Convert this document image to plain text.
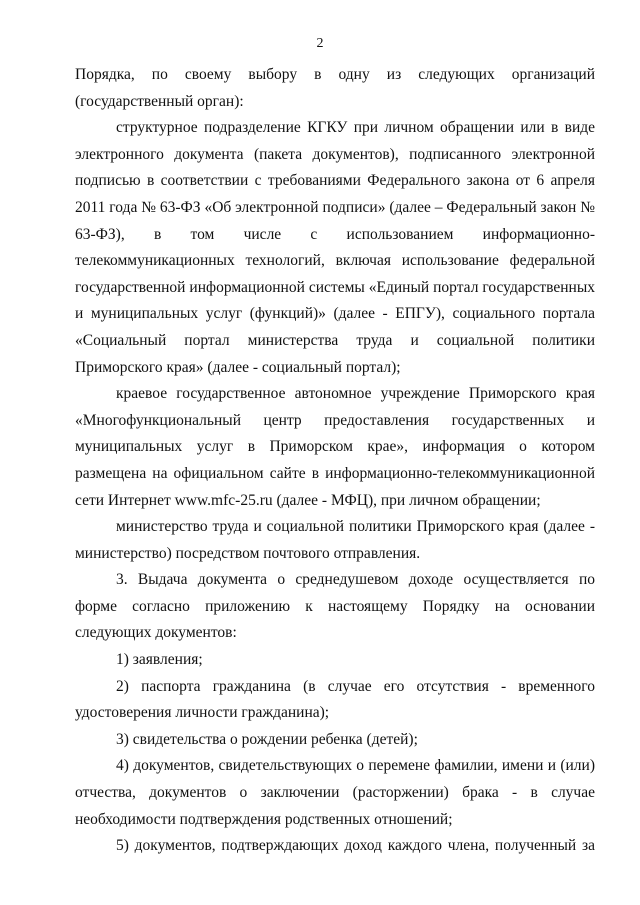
2

Порядка, по своему выбору в одну из следующих организаций (государственный орган):

структурное подразделение КГКУ при личном обращении или в виде электронного документа (пакета документов), подписанного электронной подписью в соответствии с требованиями Федерального закона от 6 апреля 2011 года № 63-ФЗ «Об электронной подписи» (далее – Федеральный закон № 63-ФЗ), в том числе с использованием информационно-телекоммуникационных технологий, включая использование федеральной государственной информационной системы «Единый портал государственных и муниципальных услуг (функций)» (далее - ЕПГУ), социального портала «Социальный портал министерства труда и социальной политики Приморского края» (далее - социальный портал);

краевое государственное автономное учреждение Приморского края «Многофункциональный центр предоставления государственных и муниципальных услуг в Приморском крае», информация о котором размещена на официальном сайте в информационно-телекоммуникационной сети Интернет www.mfc-25.ru (далее - МФЦ), при личном обращении;

министерство труда и социальной политики Приморского края (далее - министерство) посредством почтового отправления.

3. Выдача документа о среднедушевом доходе осуществляется по форме согласно приложению к настоящему Порядку на основании следующих документов:

1) заявления;

2) паспорта гражданина (в случае его отсутствия - временного удостоверения личности гражданина);

3) свидетельства о рождении ребенка (детей);

4) документов, свидетельствующих о перемене фамилии, имени и (или) отчества, документов о заключении (расторжении) брака - в случае необходимости подтверждения родственных отношений;

5) документов, подтверждающих доход каждого члена, полученный за
